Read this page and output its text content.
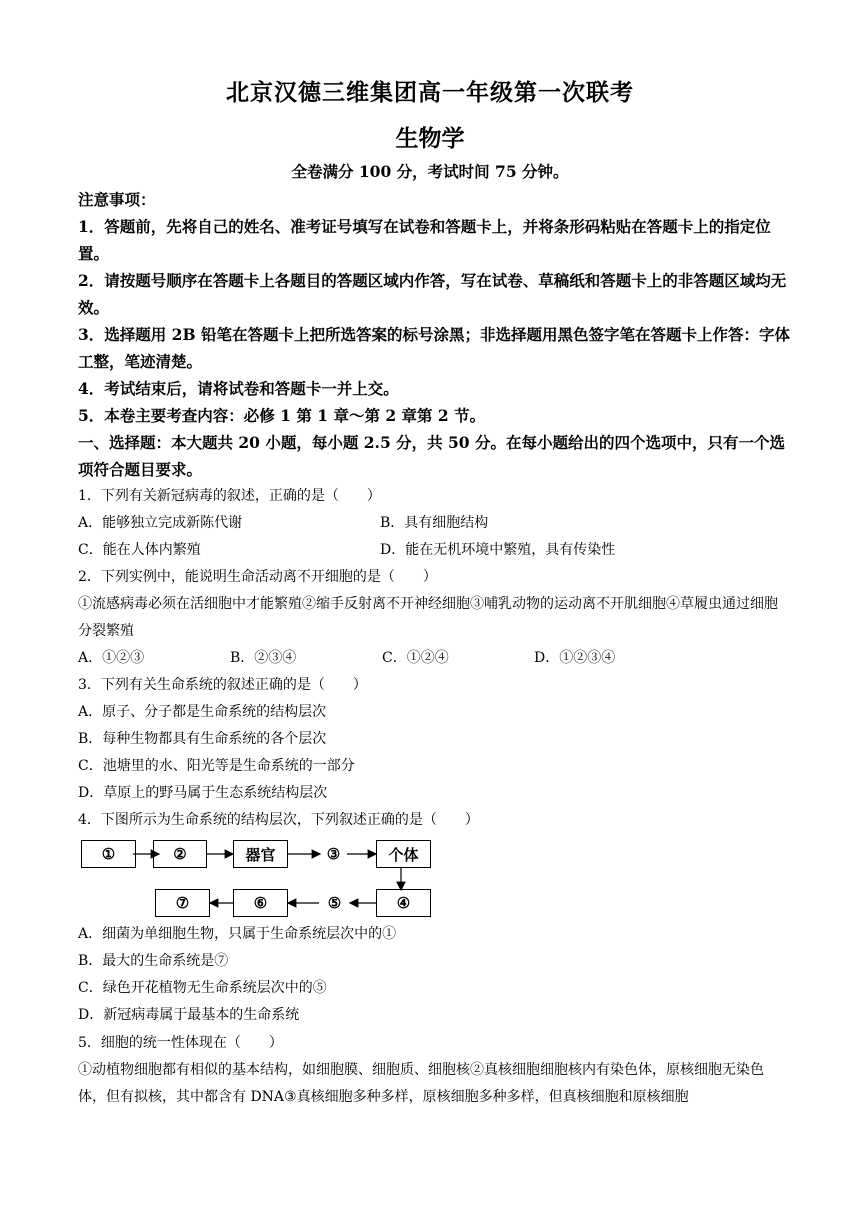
北京汉德三维集团高一年级第一次联考
生物学
全卷满分 100 分，考试时间 75 分钟。

注意事项：

1．答题前，先将自己的姓名、准考证号填写在试卷和答题卡上，并将条形码粘贴在答题卡上的指定位置。

2．请按题号顺序在答题卡上各题目的答题区域内作答，写在试卷、草稿纸和答题卡上的非答题区域均无效。

3．选择题用 2B 铅笔在答题卡上把所选答案的标号涂黑；非选择题用黑色签字笔在答题卡上作答：字体工整，笔迹清楚。

4．考试结束后，请将试卷和答题卡一并上交。

5．本卷主要考查内容：必修 1 第 1 章～第 2 章第 2 节。

一、选择题：本大题共 20 小题，每小题 2.5 分，共 50 分。在每小题给出的四个选项中，只有一个选项符合题目要求。

1．下列有关新冠病毒的叙述，正确的是（　　）

A．能够独立完成新陈代谢	B．具有细胞结构
C．能在人体内繁殖	D．能在无机环境中繁殖，具有传染性

2．下列实例中，能说明生命活动离不开细胞的是（　　）

①流感病毒必须在活细胞中才能繁殖②缩手反射离不开神经细胞③哺乳动物的运动离不开肌细胞④草履虫通过细胞分裂繁殖

A．①②③	B．②③④	C．①②④	D．①②③④

3．下列有关生命系统的叙述正确的是（　　）

A．原子、分子都是生命系统的结构层次

B．每种生物都具有生命系统的各个层次

C．池塘里的水、阳光等是生命系统的一部分

D．草原上的野马属于生态系统结构层次

4．下图所示为生命系统的结构层次，下列叙述正确的是（　　）

①	②	器官	③	个体
④
⑤
⑥
⑦

A．细菌为单细胞生物，只属于生命系统层次中的①

B．最大的生命系统是⑦

C．绿色开花植物无生命系统层次中的⑤

D．新冠病毒属于最基本的生命系统

5．细胞的统一性体现在（　　）

①动植物细胞都有相似的基本结构，如细胞膜、细胞质、细胞核②真核细胞细胞核内有染色体，原核细胞无染色体，但有拟核，其中都含有 DNA③真核细胞多种多样，原核细胞多种多样，但真核细胞和原核细胞
